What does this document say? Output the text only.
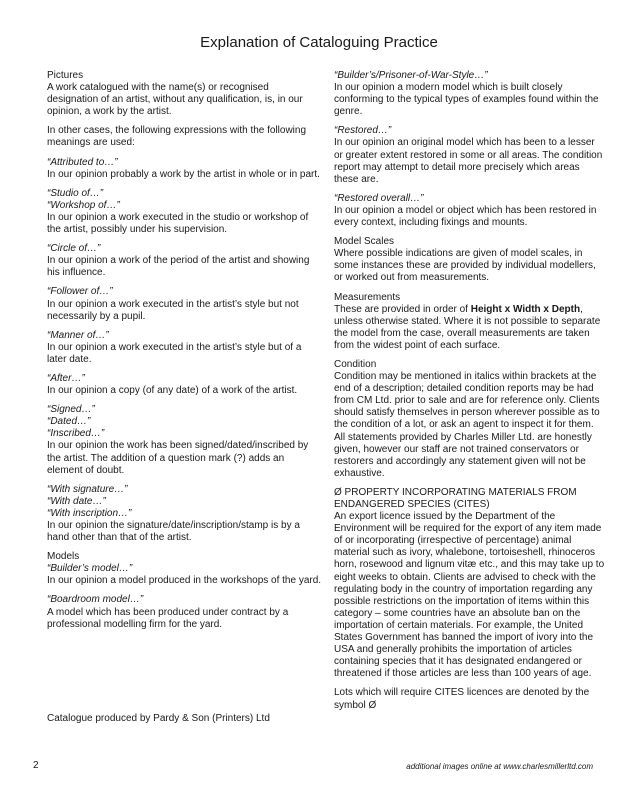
Explanation of Cataloguing Practice

Pictures

A work catalogued with the name(s) or recognised designation of an artist, without any qualification, is, in our opinion, a work by the artist.

In other cases, the following expressions with the following meanings are used:

“Attributed to…”

In our opinion probably a work by the artist in whole or in part.

“Studio of…”

“Workshop of…”

In our opinion a work executed in the studio or workshop of the artist, possibly under his supervision.

“Circle of…”

In our opinion a work of the period of the artist and showing his influence.

“Follower of…”

In our opinion a work executed in the artist’s style but not necessarily by a pupil.

“Manner of…”

In our opinion a work executed in the artist’s style but of a later date.

“After…”

In our opinion a copy (of any date) of a work of the artist.

“Signed…”

“Dated…”

“Inscribed…”

In our opinion the work has been signed/dated/inscribed by the artist. The addition of a question mark (?) adds an element of doubt.

“With signature…”

“With date…”

“With inscription…”

In our opinion the signature/date/inscription/stamp is by a hand other than that of the artist.

Models

“Builder’s model…”

In our opinion a model produced in the workshops of the yard.

“Boardroom model…”

A model which has been produced under contract by a professional modelling firm for the yard.

Catalogue produced by Pardy & Son (Printers) Ltd

“Builder’s/Prisoner-of-War-Style…”

In our opinion a modern model which is built closely conforming to the typical types of examples found within the genre.

“Restored…”

In our opinion an original model which has been to a lesser or greater extent restored in some or all areas. The condition report may attempt to detail more precisely which areas these are.

“Restored overall…”

In our opinion a model or object which has been restored in every context, including fixings and mounts.

Model Scales

Where possible indications are given of model scales, in some instances these are provided by individual modellers, or worked out from measurements.

Measurements

These are provided in order of Height x Width x Depth, unless otherwise stated. Where it is not possible to separate the model from the case, overall measurements are taken from the widest point of each surface.

Condition

Condition may be mentioned in italics within brackets at the end of a description; detailed condition reports may be had from CM Ltd. prior to sale and are for reference only. Clients should satisfy themselves in person wherever possible as to the condition of a lot, or ask an agent to inspect it for them. All statements provided by Charles Miller Ltd. are honestly given, however our staff are not trained conservators or restorers and accordingly any statement given will not be exhaustive.

Ø PROPERTY INCORPORATING MATERIALS FROM ENDANGERED SPECIES (CITES)

An export licence issued by the Department of the Environment will be required for the export of any item made of or incorporating (irrespective of percentage) animal material such as ivory, whalebone, tortoiseshell, rhinoceros horn, rosewood and lignum vitæ etc., and this may take up to eight weeks to obtain. Clients are advised to check with the regulating body in the country of importation regarding any possible restrictions on the importation of items within this category – some countries have an absolute ban on the importation of certain materials. For example, the United States Government has banned the import of ivory into the USA and generally prohibits the importation of articles containing species that it has designated endangered or threatened if those articles are less than 100 years of age.

Lots which will require CITES licences are denoted by the symbol Ø

2	additional images online at www.charlesmillerltd.com
